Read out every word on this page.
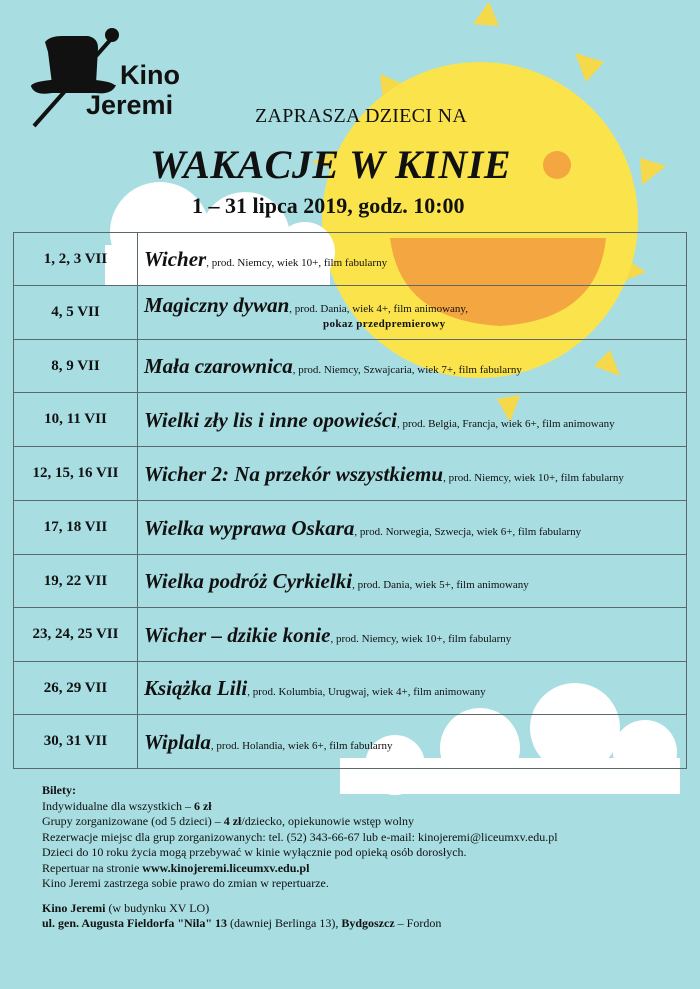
Kino
Jeremi	ZAPRASZA DZIECI NA
WAKACJE W KINIE
1 – 31 lipca 2019, godz. 10:00
1, 2, 3 VII	Wicher, prod. Niemcy, wiek 10+, film fabularny
4, 5 VII	Magiczny dywan, prod. Dania, wiek 4+, film animowany,
pokaz przedpremierowy

8, 9 VII	Mała czarownica, prod. Niemcy, Szwajcaria, wiek 7+, film fabularny
10, 11 VII	Wielki zły lis i inne opowieści, prod. Belgia, Francja, wiek 6+, film animowany
12, 15, 16 VII	Wicher 2: Na przekór wszystkiemu, prod. Niemcy, wiek 10+, film fabularny
17, 18 VII	Wielka wyprawa Oskara, prod. Norwegia, Szwecja, wiek 6+, film fabularny
19, 22 VII	Wielka podróż Cyrkielki, prod. Dania, wiek 5+, film animowany
23, 24, 25 VII	Wicher – dzikie konie, prod. Niemcy, wiek 10+, film fabularny
26, 29 VII	Książka Lili, prod. Kolumbia, Urugwaj, wiek 4+, film animowany
30, 31 VII	Wiplala, prod. Holandia, wiek 6+, film fabularny
Bilety:
Indywidualne dla wszystkich – 6 zł
Grupy zorganizowane (od 5 dzieci) – 4 zł/dziecko, opiekunowie wstęp wolny
Rezerwacje miejsc dla grup zorganizowanych: tel. (52) 343-66-67 lub e-mail: kinojeremi@liceumxv.edu.pl
Dzieci do 10 roku życia mogą przebywać w kinie wyłącznie pod opieką osób dorosłych.
Repertuar na stronie www.kinojeremi.liceumxv.edu.pl
Kino Jeremi zastrzega sobie prawo do zmian w repertuarze.
Kino Jeremi (w budynku XV LO)
ul. gen. Augusta Fieldorfa "Nila" 13 (dawniej Berlinga 13), Bydgoszcz – Fordon
